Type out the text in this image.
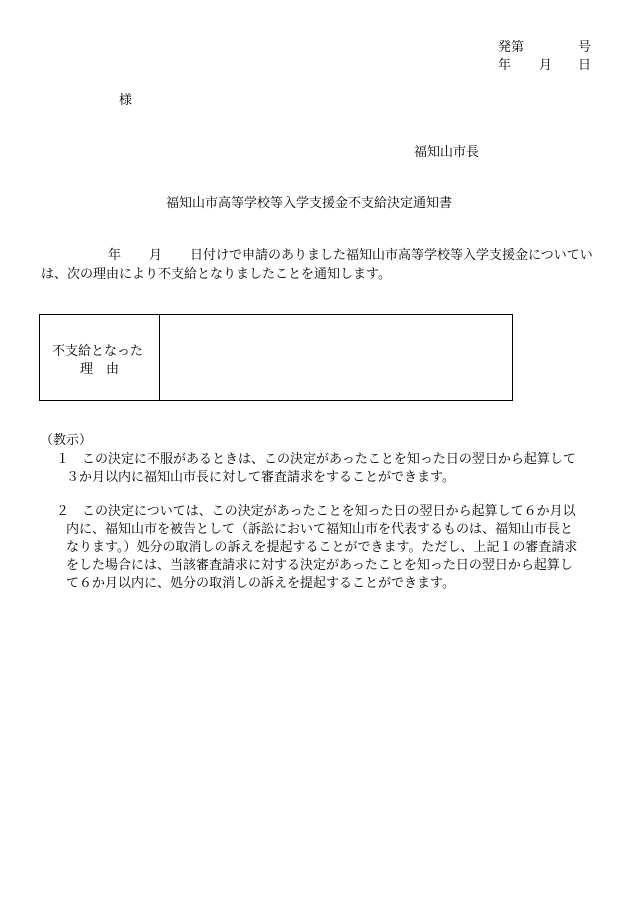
発第	号
年 月 日
様
福知山市長
福知山市高等学校等入学支援金不支給決定通知書
年 月 日付けで申請のありました福知山市高等学校等入学支援金についてい
は、次の理由により不支給となりましたことを通知します。
不支給となった
理　由
（教示）
１ この決定に不服があるときは、この決定があったことを知った日の翌日から起算して
３か月以内に福知山市長に対して審査請求をすることができます。
２ この決定については、この決定があったことを知った日の翌日から起算して６か月以
内に、福知山市を被告として（訴訟において福知山市を代表するものは、福知山市長と
なります。）処分の取消しの訴えを提起することができます。ただし、上記１の審査請求
をした場合には、当該審査請求に対する決定があったことを知った日の翌日から起算し
て６か月以内に、処分の取消しの訴えを提起することができます。
